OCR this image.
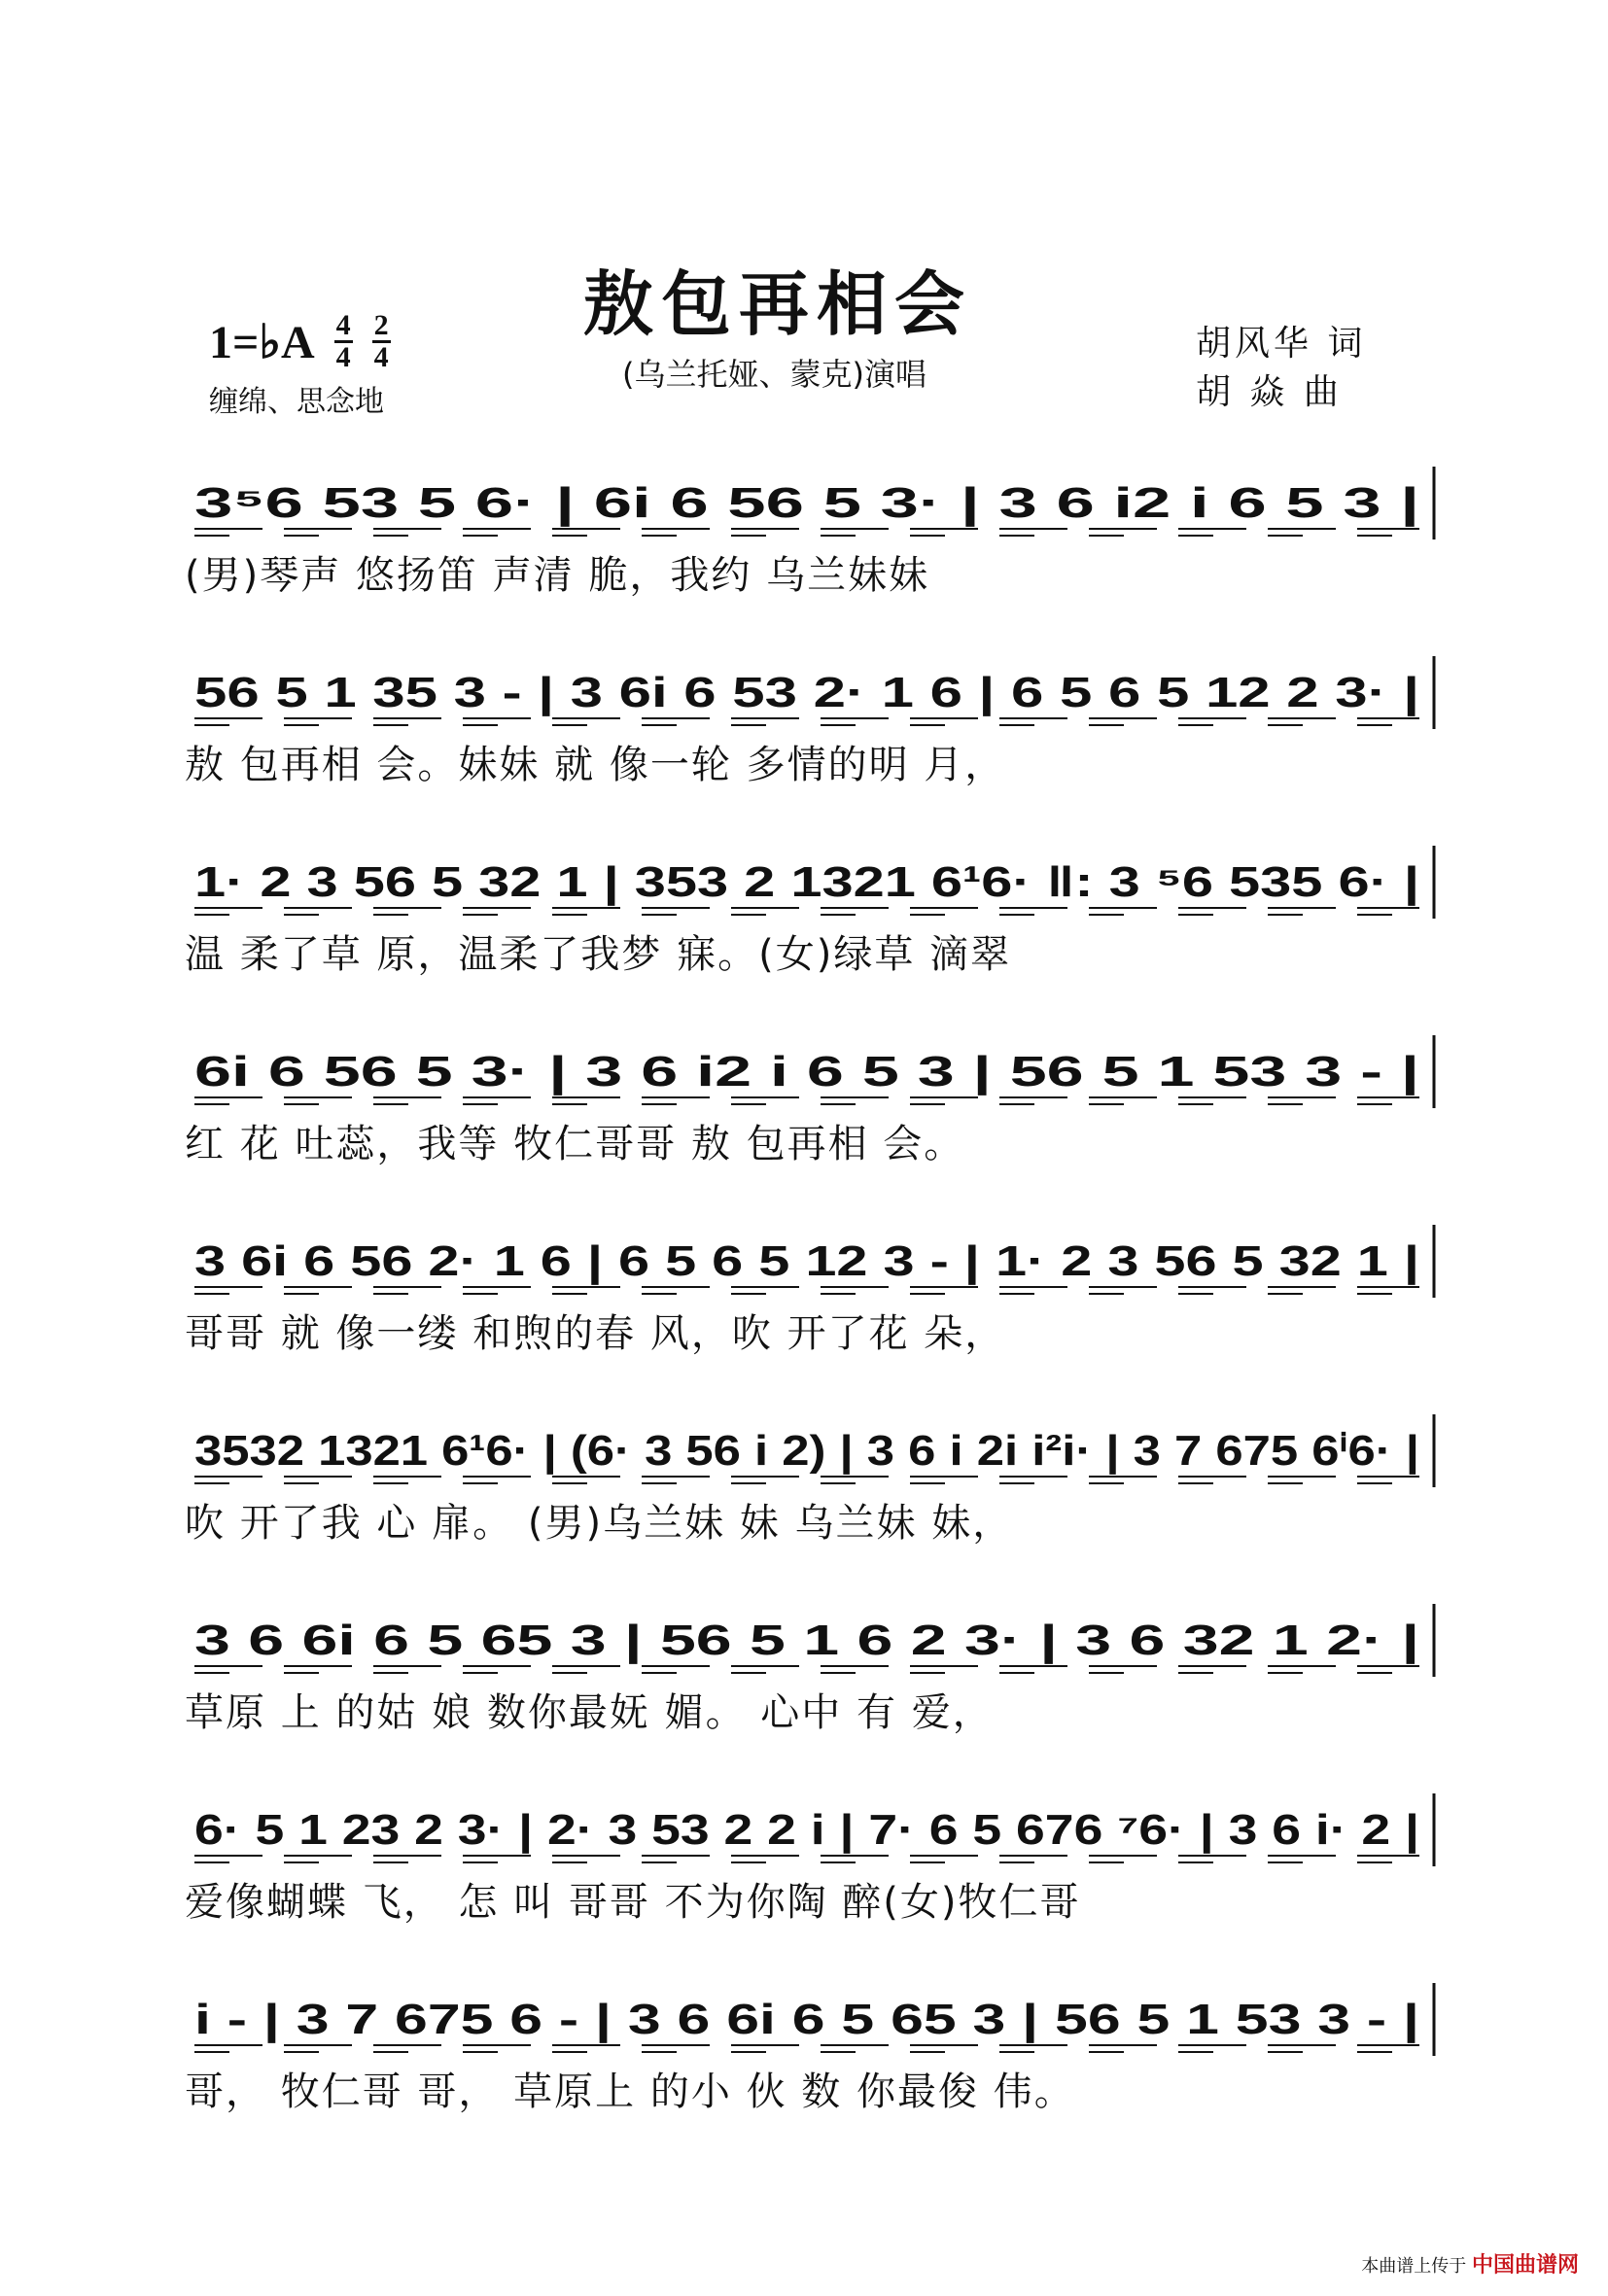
敖包再相会
(乌兰托娅、蒙克)演唱
胡风华 词
胡 焱 曲
1=♭A $\frac{4}{4} \frac{2}{4}$
缠绵、思念地
3⁵6 53 5 6· | 6i 6 56 5 3· | 3 6 i2 i 6 5 3 |
(男)琴声 悠扬笛 声清 脆，我约 乌兰妹妹
56 5 1 35 3 - | 3 6i 6 53 2· 1 6 | 6 5 6 5 12 2 3· |
敖 包再相 会。妹妹 就 像一轮 多情的明 月，
1· 2 3 56 5 32 1 | 353 2 1321 6¹6· ‖: 3 ⁵6 535 6· |
温 柔了草 原，温柔了我梦 寐。(女)绿草 滴翠
6i 6 56 5 3· | 3 6 i2 i 6 5 3 | 56 5 1 53 3 - |
红 花 吐蕊，我等 牧仁哥哥 敖 包再相 会。
3 6i 6 56 2· 1 6 | 6 5 6 5 12 3 - | 1· 2 3 56 5 32 1 |
哥哥 就 像一缕 和煦的春 风，吹 开了花 朵，
3532 1321 6¹6· | (6· 3 56 i 2) | 3 6 i 2i i²i· | 3 7 675 6ⁱ6· |
吹 开了我 心 扉。 (男)乌兰妹 妹 乌兰妹 妹，
3 6 6i 6 5 65 3 | 56 5 1 6 2 3· | 3 6 32 1 2· |
草原 上 的姑 娘 数你最妩 媚。 心中 有 爱，
6· 5 1 23 2 3· | 2· 3 53 2 2 i | 7· 6 5 676 ⁷6· | 3 6 i· 2 |
爱像蝴蝶 飞， 怎 叫 哥哥 不为你陶 醉(女)牧仁哥
i - | 3 7 675 6 - | 3 6 6i 6 5 65 3 | 56 5 1 53 3 - |
哥， 牧仁哥 哥， 草原上 的小 伙 数 你最俊 伟。
本曲谱上传于 中国曲谱网
